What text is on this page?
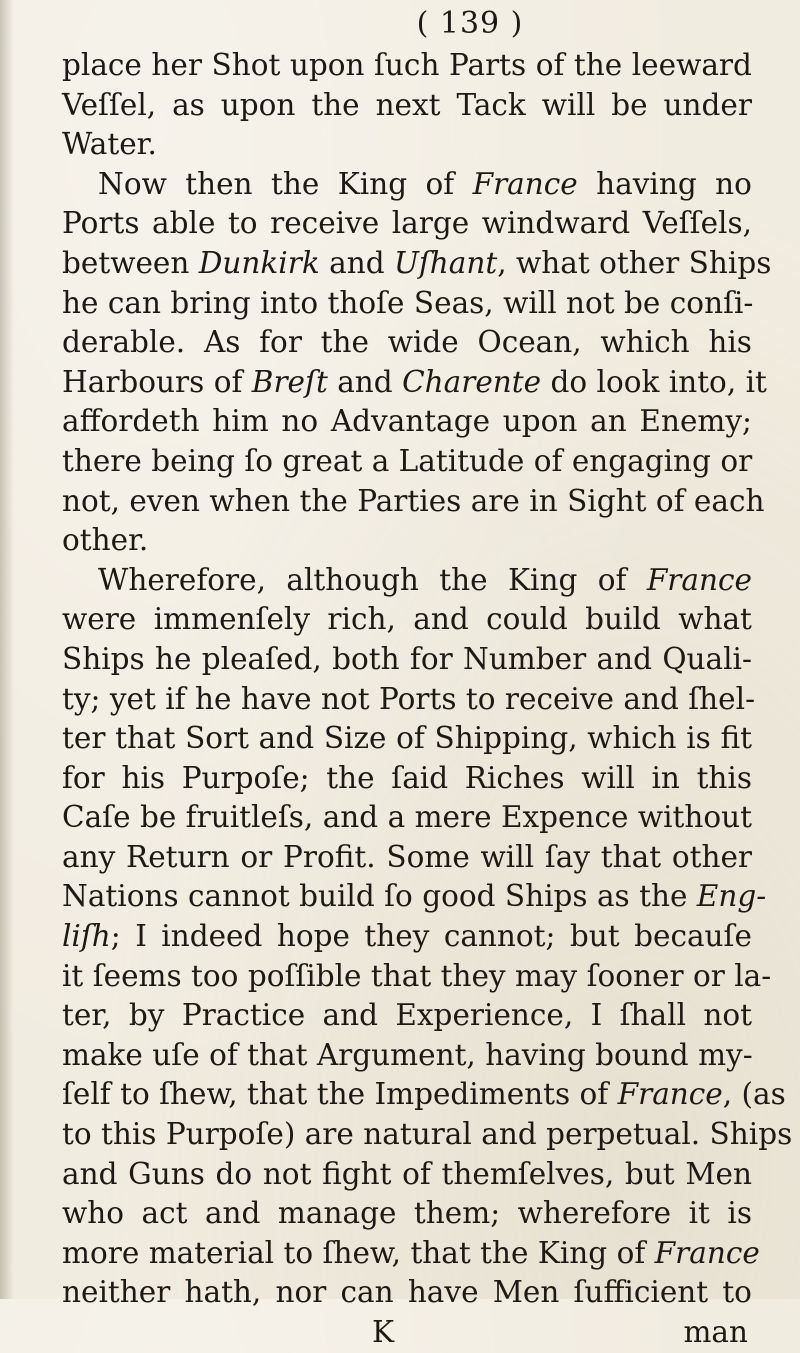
( 139 )
place her Shot upon ſuch Parts of the leeward
Veſſel, as upon the next Tack will be under
Water.
Now then the King of France having no
Ports able to receive large windward Veſſels,
between Dunkirk and Uſhant, what other Ships
he can bring into thoſe Seas, will not be conſi-
derable. As for the wide Ocean, which his
Harbours of Breſt and Charente do look into, it
affordeth him no Advantage upon an Enemy;
there being ſo great a Latitude of engaging or
not, even when the Parties are in Sight of each
other.
Wherefore, although the King of France
were immenſely rich, and could build what
Ships he pleaſed, both for Number and Quali-
ty; yet if he have not Ports to receive and ſhel-
ter that Sort and Size of Shipping, which is fit
for his Purpoſe; the ſaid Riches will in this
Caſe be fruitleſs, and a mere Expence without
any Return or Profit. Some will ſay that other
Nations cannot build ſo good Ships as the Eng-
liſh; I indeed hope they cannot; but becauſe
it ſeems too poſſible that they may ſooner or la-
ter, by Practice and Experience, I ſhall not
make uſe of that Argument, having bound my-
ſelf to ſhew, that the Impediments of France, (as
to this Purpoſe) are natural and perpetual. Ships
and Guns do not fight of themſelves, but Men
who act and manage them; wherefore it is
more material to ſhew, that the King of France
neither hath, nor can have Men ſufficient to
K	man
